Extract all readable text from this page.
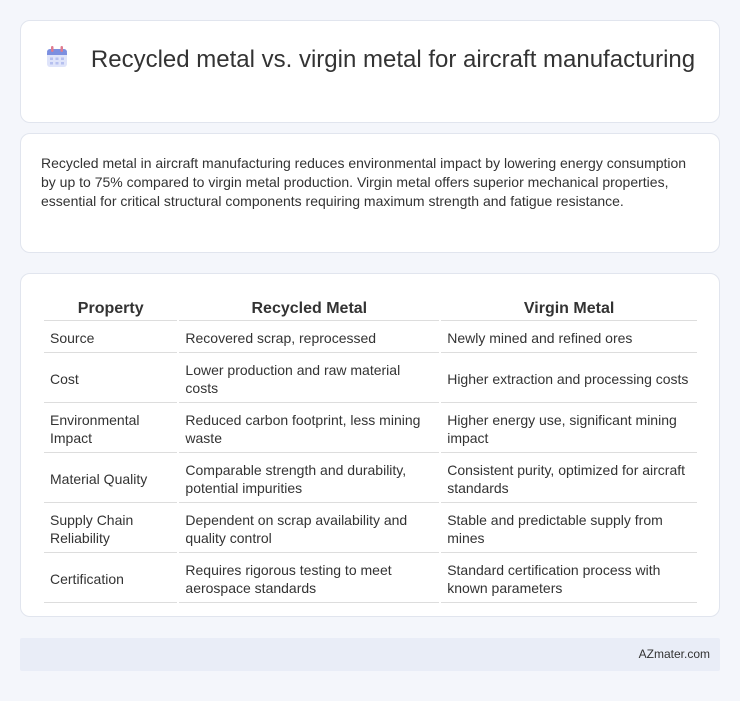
Recycled metal vs. virgin metal for aircraft manufacturing

Recycled metal in aircraft manufacturing reduces environmental impact by lowering energy consumption by up to 75% compared to virgin metal production. Virgin metal offers superior mechanical properties, essential for critical structural components requiring maximum strength and fatigue resistance.

Property	Recycled Metal	Virgin Metal
Source	Recovered scrap, reprocessed	Newly mined and refined ores
Cost	Lower production and raw material costs	Higher extraction and processing costs
Environmental Impact	Reduced carbon footprint, less mining waste	Higher energy use, significant mining impact
Material Quality	Comparable strength and durability, potential impurities	Consistent purity, optimized for aircraft standards
Supply Chain Reliability	Dependent on scrap availability and quality control	Stable and predictable supply from mines
Certification	Requires rigorous testing to meet aerospace standards	Standard certification process with known parameters
AZmater.com
